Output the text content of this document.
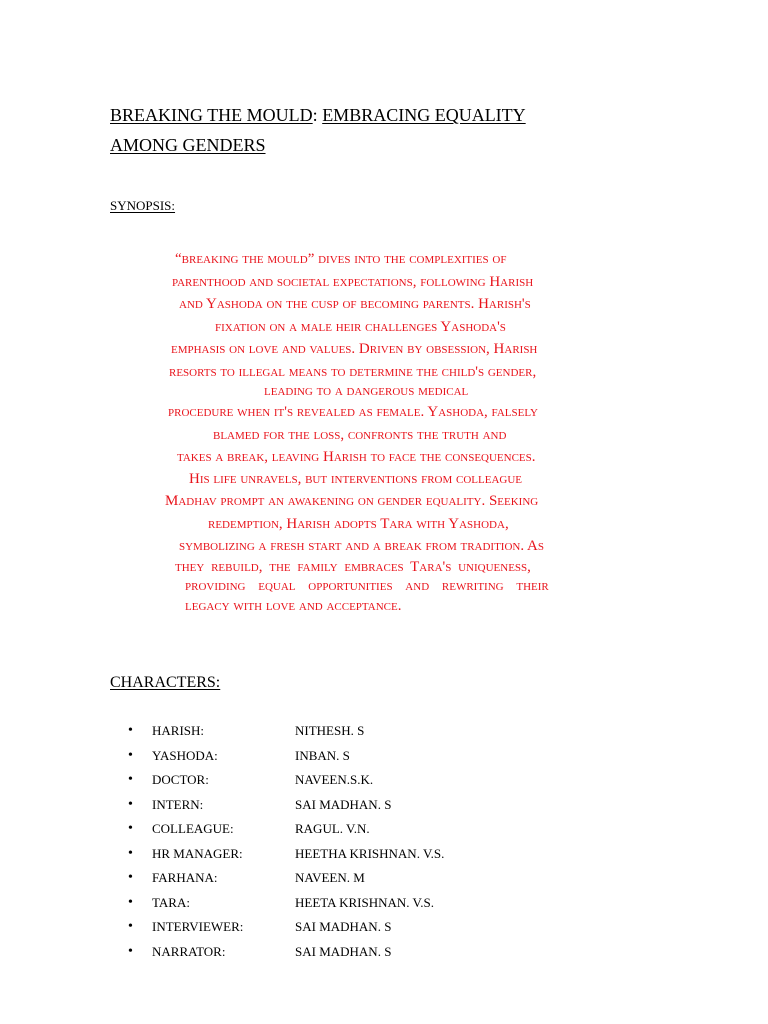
BREAKING THE MOULD: EMBRACING EQUALITY
AMONG GENDERS
SYNOPSIS:
“breaking the mould” dives into the complexities of
parenthood and societal expectations, following Harish
and Yashoda on the cusp of becoming parents. Harish's
fixation on a male heir challenges Yashoda's
emphasis on love and values. Driven by obsession, Harish
resorts to illegal means to determine the child's gender,
leading to a dangerous medical
procedure when it's revealed as female. Yashoda, falsely
blamed for the loss, confronts the truth and
takes a break, leaving Harish to face the consequences.
His life unravels, but interventions from colleague
Madhav prompt an awakening on gender equality. Seeking
redemption, Harish adopts Tara with Yashoda,
symbolizing a fresh start and a break from tradition. As
they rebuild, the family embraces Tara's uniqueness,
providing equal opportunities and rewriting their
legacy with love and acceptance.
CHARACTERS:
• HARISH:	NITHESH. S
• YASHODA:	INBAN. S
• DOCTOR:	NAVEEN.S.K.
• INTERN:	SAI MADHAN. S
• COLLEAGUE:	RAGUL. V.N.
• HR MANAGER:	HEETHA KRISHNAN. V.S.
• FARHANA:	NAVEEN. M
• TARA:	HEETA KRISHNAN. V.S.
• INTERVIEWER:	SAI MADHAN. S
• NARRATOR:	SAI MADHAN. S
